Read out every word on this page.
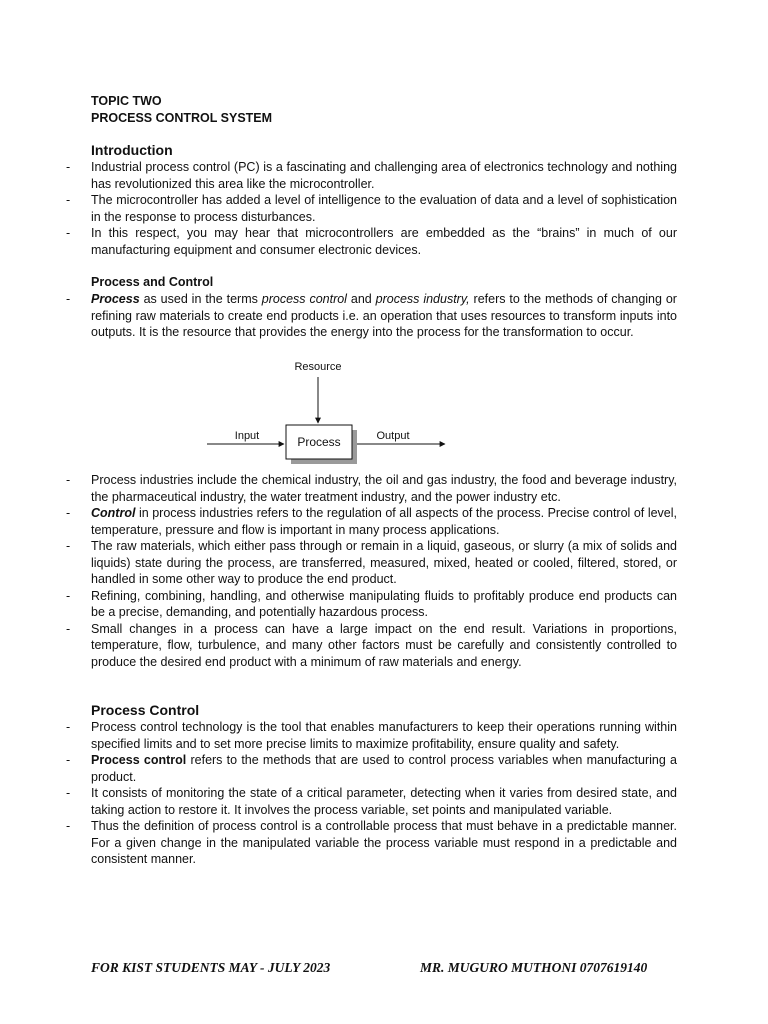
TOPIC TWO
PROCESS CONTROL SYSTEM
Introduction
- Industrial process control (PC) is a fascinating and challenging area of electronics technology and nothing has revolutionized this area like the microcontroller.
- The microcontroller has added a level of intelligence to the evaluation of data and a level of sophistication in the response to process disturbances.
- In this respect, you may hear that microcontrollers are embedded as the “brains” in much of our manufacturing equipment and consumer electronic devices.
Process and Control
- Process as used in the terms process control and process industry, refers to the methods of changing or refining raw materials to create end products i.e. an operation that uses resources to transform inputs into outputs. It is the resource that provides the energy into the process for the transformation to occur.
Resource
Process
Input	Output
- Process industries include the chemical industry, the oil and gas industry, the food and beverage industry, the pharmaceutical industry, the water treatment industry, and the power industry etc.
- Control in process industries refers to the regulation of all aspects of the process. Precise control of level, temperature, pressure and flow is important in many process applications.
- The raw materials, which either pass through or remain in a liquid, gaseous, or slurry (a mix of solids and liquids) state during the process, are transferred, measured, mixed, heated or cooled, filtered, stored, or handled in some other way to produce the end product.
- Refining, combining, handling, and otherwise manipulating fluids to profitably produce end products can be a precise, demanding, and potentially hazardous process.
- Small changes in a process can have a large impact on the end result. Variations in proportions, temperature, flow, turbulence, and many other factors must be carefully and consistently controlled to produce the desired end product with a minimum of raw materials and energy.
Process Control
- Process control technology is the tool that enables manufacturers to keep their operations running within specified limits and to set more precise limits to maximize profitability, ensure quality and safety.
- Process control refers to the methods that are used to control process variables when manufacturing a product.
- It consists of monitoring the state of a critical parameter, detecting when it varies from desired state, and taking action to restore it. It involves the process variable, set points and manipulated variable.
- Thus the definition of process control is a controllable process that must behave in a predictable manner. For a given change in the manipulated variable the process variable must respond in a predictable and consistent manner.
FOR KIST STUDENTS MAY - JULY 2023	MR. MUGURO MUTHONI 0707619140
